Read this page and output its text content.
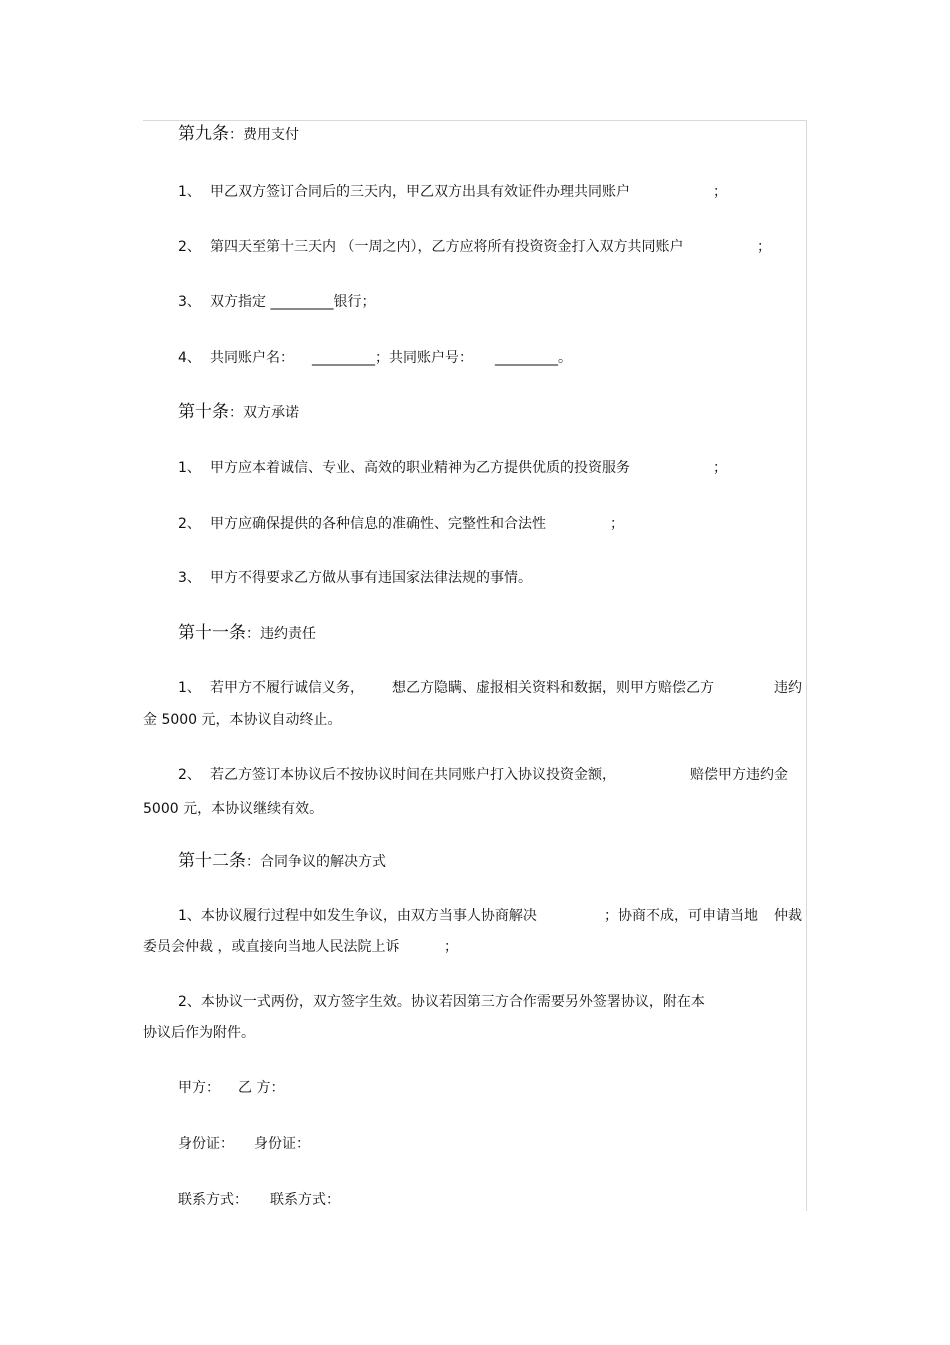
第九条：费用支付
1、 甲乙双方签订合同后的三天内，甲乙双方出具有效证件办理共同账户	；
2、 第四天至第十三天内 （一周之内），乙方应将所有投资资金打入双方共同账户	；
3、 双方指定 _________银行；
4、 共同账户名： _________；共同账户号： _________。
第十条：双方承诺
1、 甲方应本着诚信、专业、高效的职业精神为乙方提供优质的投资服务	；
2、 甲方应确保提供的各种信息的准确性、完整性和合法性	；
3、 甲方不得要求乙方做从事有违国家法律法规的事情。
第十一条：违约责任
1、 若甲方不履行诚信义务， 想乙方隐瞒、虚报相关资料和数据，则甲方赔偿乙方	违约
金 5000 元，本协议自动终止。
2、 若乙方签订本协议后不按协议时间在共同账户打入协议投资金额，	赔偿甲方违约金
5000 元，本协议继续有效。
第十二条：合同争议的解决方式
1、本协议履行过程中如发生争议，由双方当事人协商解决	；协商不成，可申请当地 仲裁
委员会仲裁 ，或直接向当地人民法院上诉	；
2、本协议一式两份，双方签字生效。协议若因第三方合作需要另外签署协议，附在本
协议后作为附件。
甲方： 乙 方：
身份证： 身份证：
联系方式： 联系方式：
